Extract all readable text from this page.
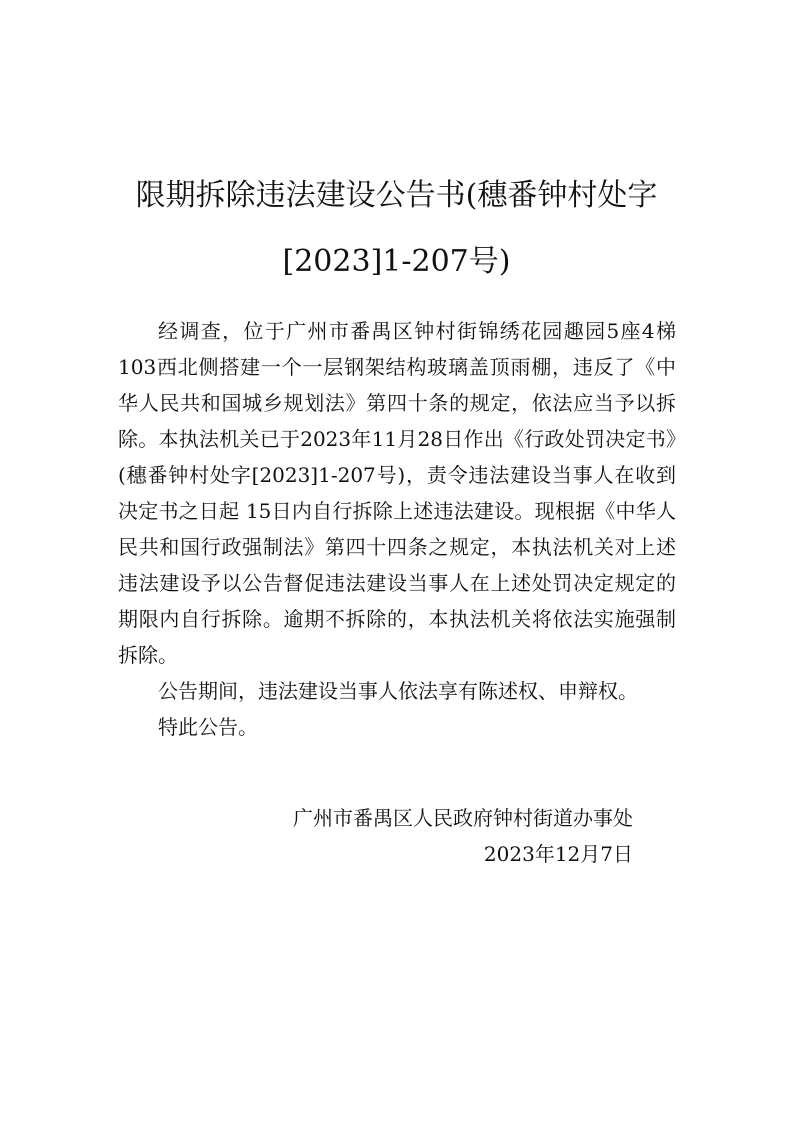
限期拆除违法建设公告书(穗番钟村处字
[2023]1-207号)

经调查，位于广州市番禺区钟村街锦绣花园趣园5座4梯103西北侧搭建一个一层钢架结构玻璃盖顶雨棚，违反了《中华人民共和国城乡规划法》第四十条的规定，依法应当予以拆除。本执法机关已于2023年11月28日作出《行政处罚决定书》(穗番钟村处字[2023]1-207号)，责令违法建设当事人在收到决定书之日起 15日内自行拆除上述违法建设。现根据《中华人民共和国行政强制法》第四十四条之规定，本执法机关对上述违法建设予以公告督促违法建设当事人在上述处罚决定规定的期限内自行拆除。逾期不拆除的，本执法机关将依法实施强制拆除。

公告期间，违法建设当事人依法享有陈述权、申辩权。

特此公告。

广州市番禺区人民政府钟村街道办事处
2023年12月7日
